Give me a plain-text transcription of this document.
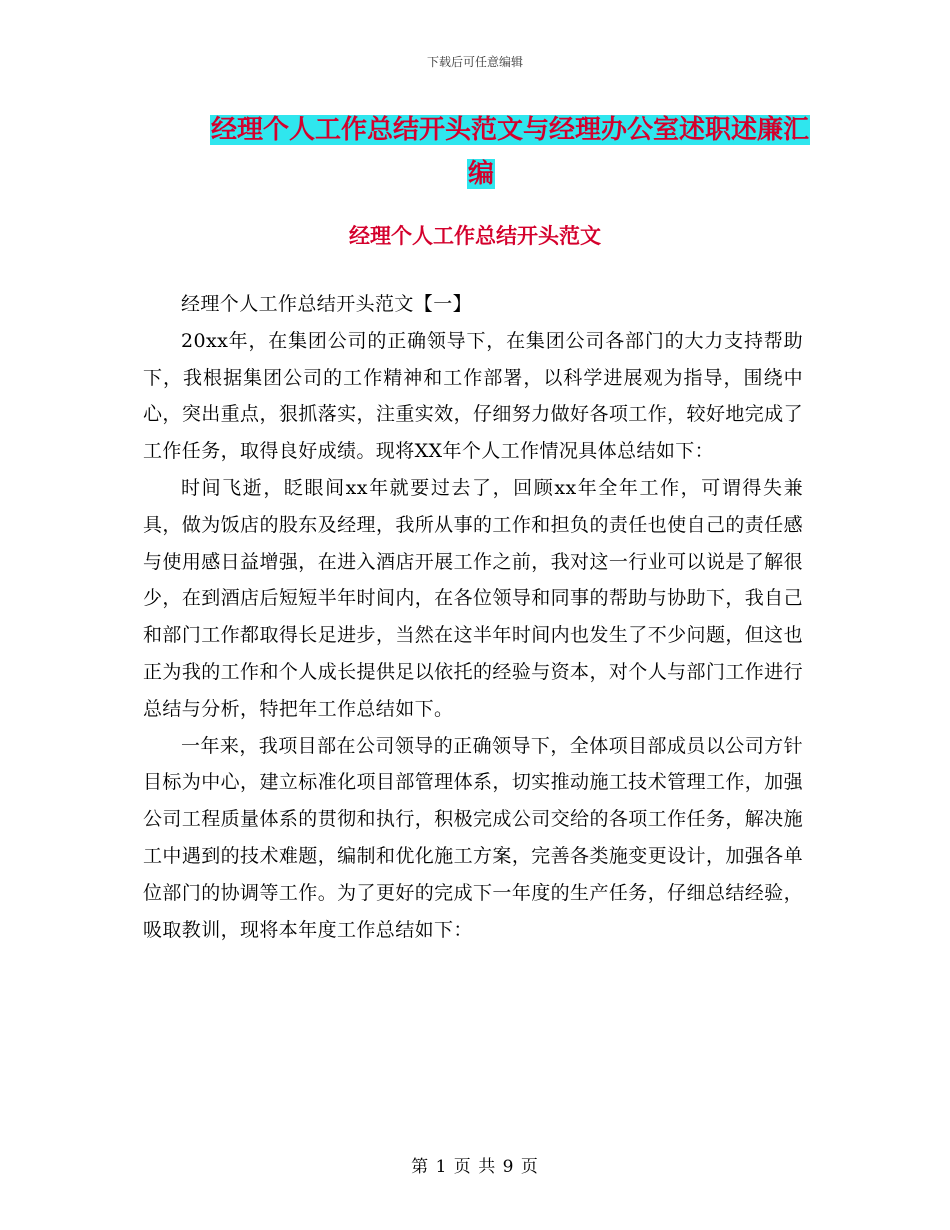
下载后可任意编辑
经理个人工作总结开头范文与经理办公室述职述廉汇
编
经理个人工作总结开头范文

经理个人工作总结开头范文【一】

20xx年，在集团公司的正确领导下，在集团公司各部门的大力支持帮助下，我根据集团公司的工作精神和工作部署，以科学进展观为指导，围绕中心，突出重点，狠抓落实，注重实效，仔细努力做好各项工作，较好地完成了工作任务，取得良好成绩。现将XX年个人工作情况具体总结如下：

时间飞逝，眨眼间xx年就要过去了，回顾xx年全年工作，可谓得失兼具，做为饭店的股东及经理，我所从事的工作和担负的责任也使自己的责任感与使用感日益增强，在进入酒店开展工作之前，我对这一行业可以说是了解很少，在到酒店后短短半年时间内，在各位领导和同事的帮助与协助下，我自己和部门工作都取得长足进步，当然在这半年时间内也发生了不少问题，但这也正为我的工作和个人成长提供足以依托的经验与资本，对个人与部门工作进行总结与分析，特把年工作总结如下。

一年来，我项目部在公司领导的正确领导下，全体项目部成员以公司方针目标为中心，建立标准化项目部管理体系，切实推动施工技术管理工作，加强公司工程质量体系的贯彻和执行，积极完成公司交给的各项工作任务，解决施工中遇到的技术难题，编制和优化施工方案，完善各类施变更设计，加强各单位部门的协调等工作。为了更好的完成下一年度的生产任务，仔细总结经验，吸取教训，现将本年度工作总结如下：

第 1 页 共 9 页
